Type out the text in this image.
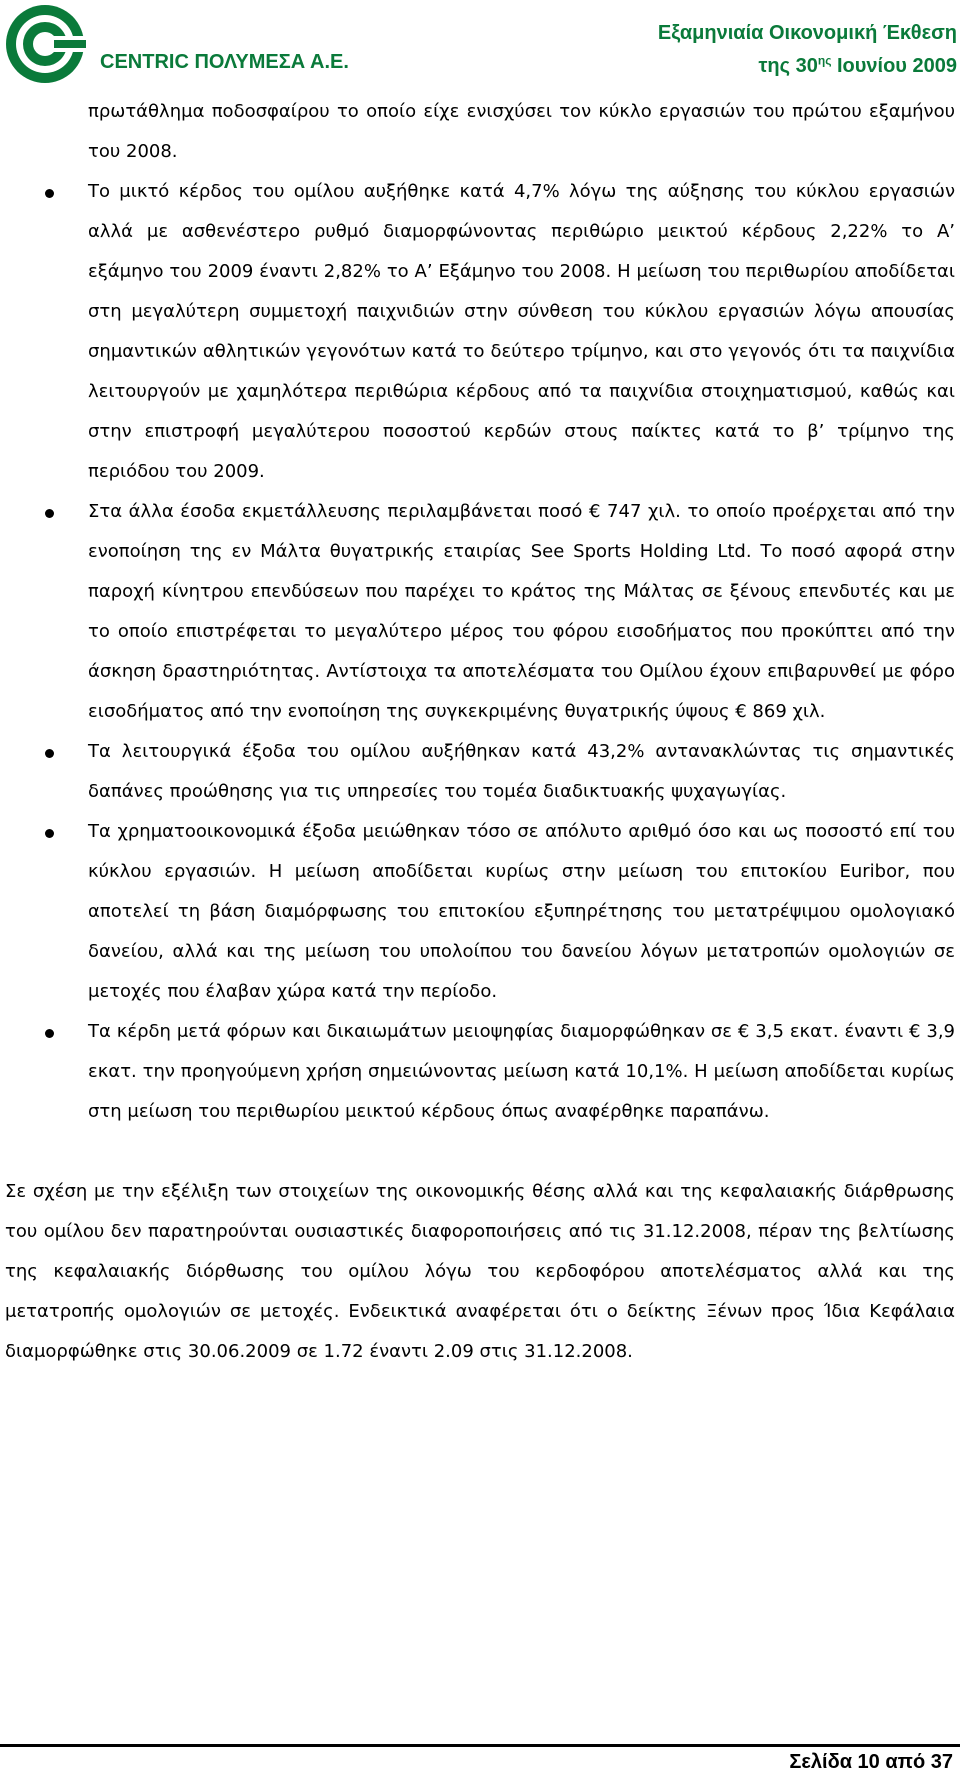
CENTRIC ΠΟΛΥΜΕΣΑ Α.Ε.
Εξαμηνιαία Οικονομική Έκθεση
της $30^{\eta\varsigma}$ Ιουνίου 2009

πρωτάθλημα ποδοσφαίρου το οποίο είχε ενισχύσει τον κύκλο εργασιών του πρώτου εξαμήνου του 2008.

Το μικτό κέρδος του ομίλου αυξήθηκε κατά 4,7% λόγω της αύξησης του κύκλου εργασιών αλλά με ασθενέστερο ρυθμό διαμορφώνοντας περιθώριο μεικτού κέρδους 2,22% το Α’ εξάμηνο του 2009 έναντι 2,82% το Α’ Εξάμηνο του 2008. Η μείωση του περιθωρίου αποδίδεται στη μεγαλύτερη συμμετοχή παιχνιδιών στην σύνθεση του κύκλου εργασιών λόγω απουσίας σημαντικών αθλητικών γεγονότων κατά το δεύτερο τρίμηνο, και στο γεγονός ότι τα παιχνίδια λειτουργούν με χαμηλότερα περιθώρια κέρδους από τα παιχνίδια στοιχηματισμού, καθώς και στην επιστροφή μεγαλύτερου ποσοστού κερδών στους παίκτες κατά το β’ τρίμηνο της περιόδου του 2009.

Στα άλλα έσοδα εκμετάλλευσης περιλαμβάνεται ποσό € 747 χιλ. το οποίο προέρχεται από την ενοποίηση της εν Μάλτα θυγατρικής εταιρίας See Sports Holding Ltd. Το ποσό αφορά στην παροχή κίνητρου επενδύσεων που παρέχει το κράτος της Μάλτας σε ξένους επενδυτές και με το οποίο επιστρέφεται το μεγαλύτερο μέρος του φόρου εισοδήματος που προκύπτει από την άσκηση δραστηριότητας. Αντίστοιχα τα αποτελέσματα του Ομίλου έχουν επιβαρυνθεί με φόρο εισοδήματος από την ενοποίηση της συγκεκριμένης θυγατρικής ύψους € 869 χιλ.

Τα λειτουργικά έξοδα του ομίλου αυξήθηκαν κατά 43,2% αντανακλώντας τις σημαντικές δαπάνες προώθησης για τις υπηρεσίες του τομέα διαδικτυακής ψυχαγωγίας.

Τα χρηματοοικονομικά έξοδα μειώθηκαν τόσο σε απόλυτο αριθμό όσο και ως ποσοστό επί του κύκλου εργασιών. Η μείωση αποδίδεται κυρίως στην μείωση του επιτοκίου Euribor, που αποτελεί τη βάση διαμόρφωσης του επιτοκίου εξυπηρέτησης του μετατρέψιμου ομολογιακό δανείου, αλλά και της μείωση του υπολοίπου του δανείου λόγων μετατροπών ομολογιών σε μετοχές που έλαβαν χώρα κατά την περίοδο.

Τα κέρδη μετά φόρων και δικαιωμάτων μειοψηφίας διαμορφώθηκαν σε € 3,5 εκατ. έναντι € 3,9 εκατ. την προηγούμενη χρήση σημειώνοντας μείωση κατά 10,1%. Η μείωση αποδίδεται κυρίως στη μείωση του περιθωρίου μεικτού κέρδους όπως αναφέρθηκε παραπάνω.

Σε σχέση με την εξέλιξη των στοιχείων της οικονομικής θέσης αλλά και της κεφαλαιακής διάρθρωσης του ομίλου δεν παρατηρούνται ουσιαστικές διαφοροποιήσεις από τις 31.12.2008, πέραν της βελτίωσης της κεφαλαιακής διόρθωσης του ομίλου λόγω του κερδοφόρου αποτελέσματος αλλά και της μετατροπής ομολογιών σε μετοχές. Ενδεικτικά αναφέρεται ότι ο δείκτης Ξένων προς Ίδια Κεφάλαια διαμορφώθηκε στις 30.06.2009 σε 1.72 έναντι 2.09 στις 31.12.2008.

Σελίδα 10 από 37
